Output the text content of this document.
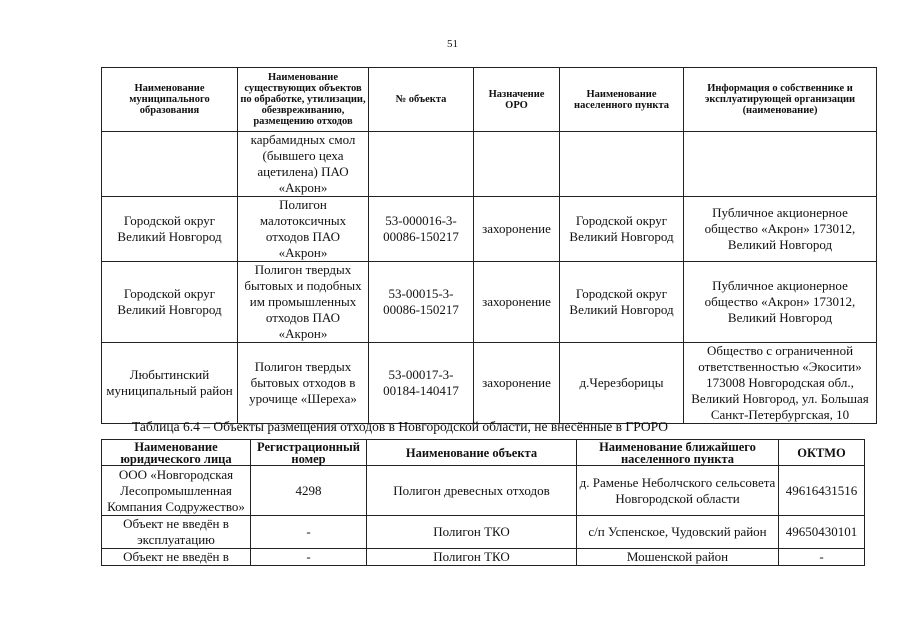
51
Наименование муниципального образования	Наименование существующих объектов по обработке, утилизации, обезвреживанию, размещению отходов	№ объекта	Назначение ОРО	Наименование населенного пункта	Информация о собственнике и эксплуатирующей организации (наименование)
	карбамидных смол (бывшего цеха ацетилена) ПАО «Акрон»				
Городской округ Великий Новгород	Полигон малотоксичных отходов ПАО «Акрон»	53-000016-3-00086-150217	захоронение	Городской округ Великий Новгород	Публичное акционерное общество «Акрон» 173012, Великий Новгород
Городской округ Великий Новгород	Полигон твердых бытовых и подобных им промышленных отходов ПАО «Акрон»	53-00015-3-00086-150217	захоронение	Городской округ Великий Новгород	Публичное акционерное общество «Акрон» 173012, Великий Новгород
Любытинский муниципальный район	Полигон твердых бытовых отходов в урочище «Шереха»	53-00017-3-00184-140417	захоронение	д.Черезборицы	Общество с ограниченной ответственностью «Экосити» 173008 Новгородская обл., Великий Новгород, ул. Большая Санкт-Петербургская, 10
Таблица 6.4 – Объекты размещения отходов в Новгородской области, не внесённые в ГРОРО
Наименование юридического лица	Регистрационный номер	Наименование объекта	Наименование ближайшего населенного пункта	ОКТМО
ООО «Новгородская Лесопромышленная Компания Содружество»	4298	Полигон древесных отходов	д. Раменье Неболчского сельсовета Новгородской области	49616431516
Объект не введён в эксплуатацию	-	Полигон ТКО	с/п Успенское, Чудовский район	49650430101
Объект не введён в	-	Полигон ТКО	Мошенской район	-
